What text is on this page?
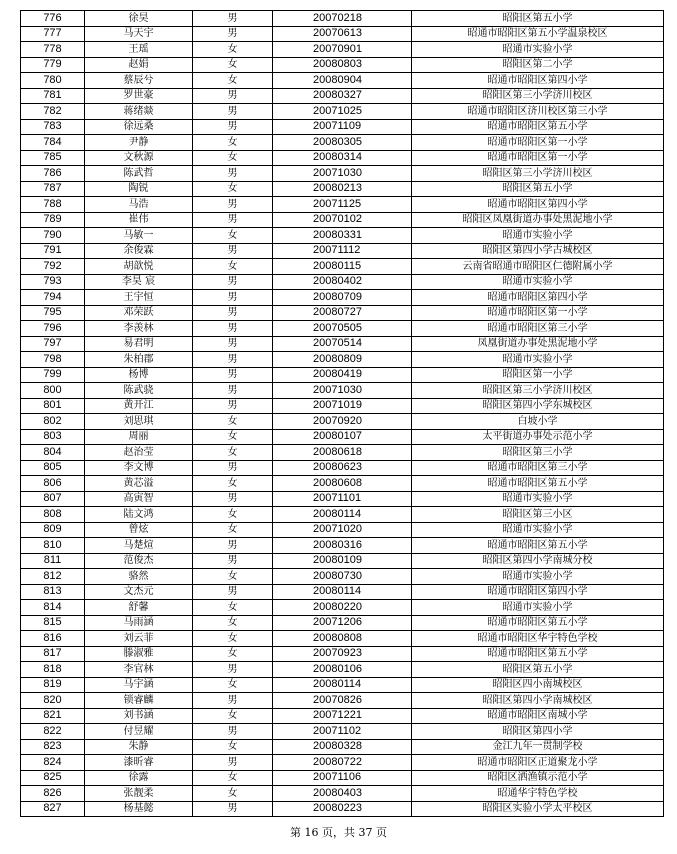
776	徐昊	男	20070218	昭阳区第五小学
777	马天宇	男	20070613	昭通市昭阳区第五小学温泉校区
778	王瑶	女	20070901	昭通市实验小学
779	赵娟	女	20080803	昭阳区第二小学
780	蔡辰兮	女	20080904	昭通市昭阳区第四小学
781	罗世豪	男	20080327	昭阳区第三小学济川校区
782	蒋绪燚	男	20071025	昭通市昭阳区济川校区第三小学
783	徐远桑	男	20071109	昭通市昭阳区第五小学
784	尹静	女	20080305	昭通市昭阳区第一小学
785	文秋源	女	20080314	昭通市昭阳区第一小学
786	陈武哲	男	20071030	昭阳区第三小学济川校区
787	陶锐	女	20080213	昭阳区第五小学
788	马浩	男	20071125	昭通市昭阳区第四小学
789	崔伟	男	20070102	昭阳区凤凰街道办事处黑泥地小学
790	马敏一	女	20080331	昭通市实验小学
791	余俊霖	男	20071112	昭阳区第四小学古城校区
792	胡歆悦	女	20080115	云南省昭通市昭阳区仁德附属小学
793	李昊 宸	男	20080402	昭通市实验小学
794	王宇恒	男	20080709	昭通市昭阳区第四小学
795	邓荣跃	男	20080727	昭通市昭阳区第一小学
796	李羡林	男	20070505	昭通市昭阳区第三小学
797	易君明	男	20070514	凤凰街道办事处黑泥地小学
798	朱柏郡	男	20080809	昭通市实验小学
799	杨博	男	20080419	昭阳区第一小学
800	陈武骁	男	20071030	昭阳区第三小学济川校区
801	黄开江	男	20071019	昭阳区第四小学东城校区
802	刘思琪	女	20070920	白坡小学
803	周丽	女	20080107	太平街道办事处示范小学
804	赵治莹	女	20080618	昭阳区第三小学
805	李文博	男	20080623	昭通市昭阳区第三小学
806	黄芯溢	女	20080608	昭通市昭阳区第五小学
807	高寅智	男	20071101	昭通市实验小学
808	陆文鸿	女	20080114	昭阳区第三小区
809	曾炫	女	20071020	昭通市实验小学
810	马楚煊	男	20080316	昭通市昭阳区第五小学
811	范俊杰	男	20080109	昭阳区第四小学南城分校
812	骆然	女	20080730	昭通市实验小学
813	文杰元	男	20080114	昭通市昭阳区第四小学
814	舒馨	女	20080220	昭通市实验小学
815	马雨涵	女	20071206	昭通市昭阳区第五小学
816	刘云菲	女	20080808	昭通市昭阳区华宇特色学校
817	滕淑雅	女	20070923	昭通市昭阳区第五小学
818	李官林	男	20080106	昭阳区第五小学
819	马宇涵	女	20080114	昭阳区四小南城校区
820	锁睿麟	男	20070826	昭阳区第四小学南城校区
821	刘书涵	女	20071221	昭通市昭阳区南城小学
822	付昱耀	男	20071102	昭阳区第四小学
823	朱静	女	20080328	金江九年一贯制学校
824	漆昕睿	男	20080722	昭通市昭阳区正道聚龙小学
825	徐露	女	20071106	昭阳区洒渔镇示范小学
826	张靓柔	女	20080403	昭通华宇特色学校
827	杨基懿	男	20080223	昭阳区实验小学太平校区
第 16 页，共 37 页
